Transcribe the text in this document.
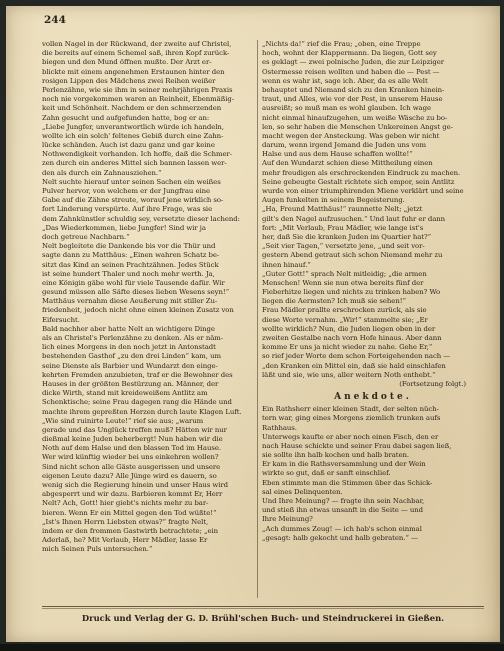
244
vollen Nagel in der Rückwand, der zweite auf Christel,
die bereits auf einem Schemel saß, ihren Kopf zurück-
biegen und den Mund öffnen mußte. Der Arzt er-
blickte mit einem angenehmen Erstaunen hinter den
rosigen Lippen des Mädchens zwei Reihen weißer
Perlenzähne, wie sie ihm in seiner mehrjährigen Praxis
noch nie vorgekommen waren an Reinheit, Ebenmäßig-
keit und Schönheit. Nachdem er den schmerzenden
Zahn gesucht und aufgefunden hatte, bog er an:
„Liebe Jungfer, unverantwortlich würde ich handeln,
wollte ich ein solch' feltenes Gebiß durch eine Zahn-
lücke schänden. Auch ist dazu ganz und gar keine
Nothwendigkeit vorhanden. Ich hoffe, daß die Schmer-
zen durch ein anderes Mittel sich bannen lassen wer-
den als durch ein Zahnausziehen.“
Nelt suchte hierauf unter seinen Sachen ein weißes
Pulver hervor, von welchem er der Jungfrau eine
Gabe auf die Zähne streute, worauf jene wirklich so-
fort Linderung verspürte. Auf ihre Frage, was sie
dem Zahnkünstler schuldig sey, versetzte dieser lachend:
„Das Wiederkommen, liebe Jungfer! Sind wir ja
doch getreue Nachbarn.“
Nelt begleitete die Dankende bis vor die Thür und
sagte dann zu Matthäus: „Einen wahren Schatz be-
sitzt das Kind an seinen Prachtzähnen. Jedes Stück
ist seine hundert Thaler und noch mehr werth. Ja,
eine Königin gäbe wohl für viele Tausende dafür. Wir
gesund müssen alle Säfte dieses lieben Wesens seyn!“
Matthäus vernahm diese Aeußerung mit stiller Zu-
friedenheit, jedoch nicht ohne einen kleinen Zusatz von
Eifersucht.
Bald nachher aber hatte Nelt an wichtigere Dinge
als an Christel's Perlenzähne zu denken. Als er näm-
lich eines Morgens in den noch jetzt in Antonstadt
bestehenden Gasthof „zu den drei Linden“ kam, um
seine Dienste als Barbier und Wundarzt den einge-
kehrten Fremden anzubieten, traf er die Bewohner des
Hauses in der größten Bestürzung an. Männer, der
dicke Wirth, stand mit kreideweißem Antlitz am
Schenktische; seine Frau dagegen rang die Hände und
machte ihrem gepreßten Herzen durch laute Klagen Luft.
„Wie sind ruinirte Leute!“ rief sie aus; „warum
gerade und das Unglück treffen muß? Hätten wir nur
dießmal keine Juden beherbergt! Nun haben wir die
Noth auf dem Halse und den blassen Tod im Hause.
Wer wird künftig wieder bei uns einkehren wollen?
Sind nicht schon alle Gäste ausgerissen und unsere
eigenen Leute dazu? Alle Jünge wird es dauern, so
wenig sich die Regierung hinein und unser Haus wird
abgesperrt und wir dazu. Barbieren kommt Er, Herr
Nelt? Ach, Gott! hier giebt's nichts mehr zu bar-
bieren. Wenn Er ein Mittel gegen den Tod wüßte!“
„Ist's Ihnen Herrn Liebsten etwas?“ fragte Nelt,
indem er den frommen Gastwirth betrachtete; „ein
Aderlaß, he? Mit Verlaub, Herr Mädler, lasse Er
mich Seinen Puls untersuchen.“
„Nichts da!“ rief die Frau; „oben, eine Treppe
hoch, wohnt der Klappermann. Da liegen, Gott sey
es geklagt — zwei polnische Juden, die zur Leipziger
Ostermesse reisen wollten und haben die — Pest —
wenn es wahr ist, sage ich. Aber, da es alle Welt
behauptet und Niemand sich zu den Kranken hinein-
traut, und Alles, wie vor der Pest, in unserem Hause
ausreißt; so muß man es wohl glauben. Ich wage
nicht einmal hinaufzugehen, um weiße Wäsche zu bo-
len, so sehr haben die Menschen Unkereinen Angst ge-
macht wegen der Ansteckung. Was geben wir nicht
darum, wenn irgend Jemand die Juden uns vom
Halse und aus dem Hause schaffen wollte!“
Auf den Wundarzt schien diese Mittheilung einen
mehr freudigen als erschreckenden Eindruck zu machen.
Seine gebeugte Gestalt richtete sich empor, sein Antlitz
wurde von einer triumphirenden Miene verklärt und seine
Augen funkelten in seinem Begeisterung.
„Ha, Freund Matthäus!“ raunnette Nelt; „jetzt
gilt's den Nagel aufzusuchen.“ Und laut fuhr er dann
fort: „Mit Verlaub, Frau Mädler, wie lange ist's
her, daß Sie die kranken Juden im Quartier hat?“
„Seit vier Tagen,“ versetzte jene, „und seit vor-
gestern Abend getraut sich schon Niemand mehr zu
ihnen hinauf.“
„Guter Gott!“ sprach Nelt mitleidig; „die armen
Menschen! Wenn sie nun etwa bereits fünf der
Fieberhitze liegen und nichts zu trinken haben? Wo
liegen die Aermsten? Ich muß sie sehen!“
Frau Mädler prallte erschrocken zurück, als sie
diese Worte vernahm. „Wir!“ stammelte sie; „Er
wollte wirklich? Nun, die Juden liegen oben in der
zweiten Gestalbe nach vorn Hofe hinaus. Aber dann
komme Er uns ja nicht wieder zu nahe. Gehe Er,“
so rief jeder Worte dem schon Forteigehenden nach —
„den Kranken ein Mittel ein, daß sie hald einschlafen
läßt und sie, wie uns, aller weitern Noth enthebt.“
(Fortsetzung folgt.)
Anekdote.
Ein Rathsherr einer kleinen Stadt, der selten nüch-
tern war, ging eines Morgens ziemlich trunken aufs
Rathhaus.
Unterwegs kaufte er aber noch einen Fisch, den er
nach Hause schickte und seiner Frau dabei sagen ließ,
sie sollte ihn halb kochen und halb braten.
Er kam in die Rathsversammlung und der Wein
wirkte so gut, daß er sanft einschlief.
Eben stimmte man die Stimmen über das Schick-
sal eines Delinquenten.
Und Ihre Meinung? — fragte ihn sein Nachbar,
und stieß ihn etwas unsanft in die Seite — und
Ihre Meinung?
„Ach dummes Zeug! — ich hab's schon einmal
„gesagt: halb gekocht und halb gebraten.“ —
Druck und Verlag der G. D. Brühl'schen Buch- und Steindruckerei in Gießen.
